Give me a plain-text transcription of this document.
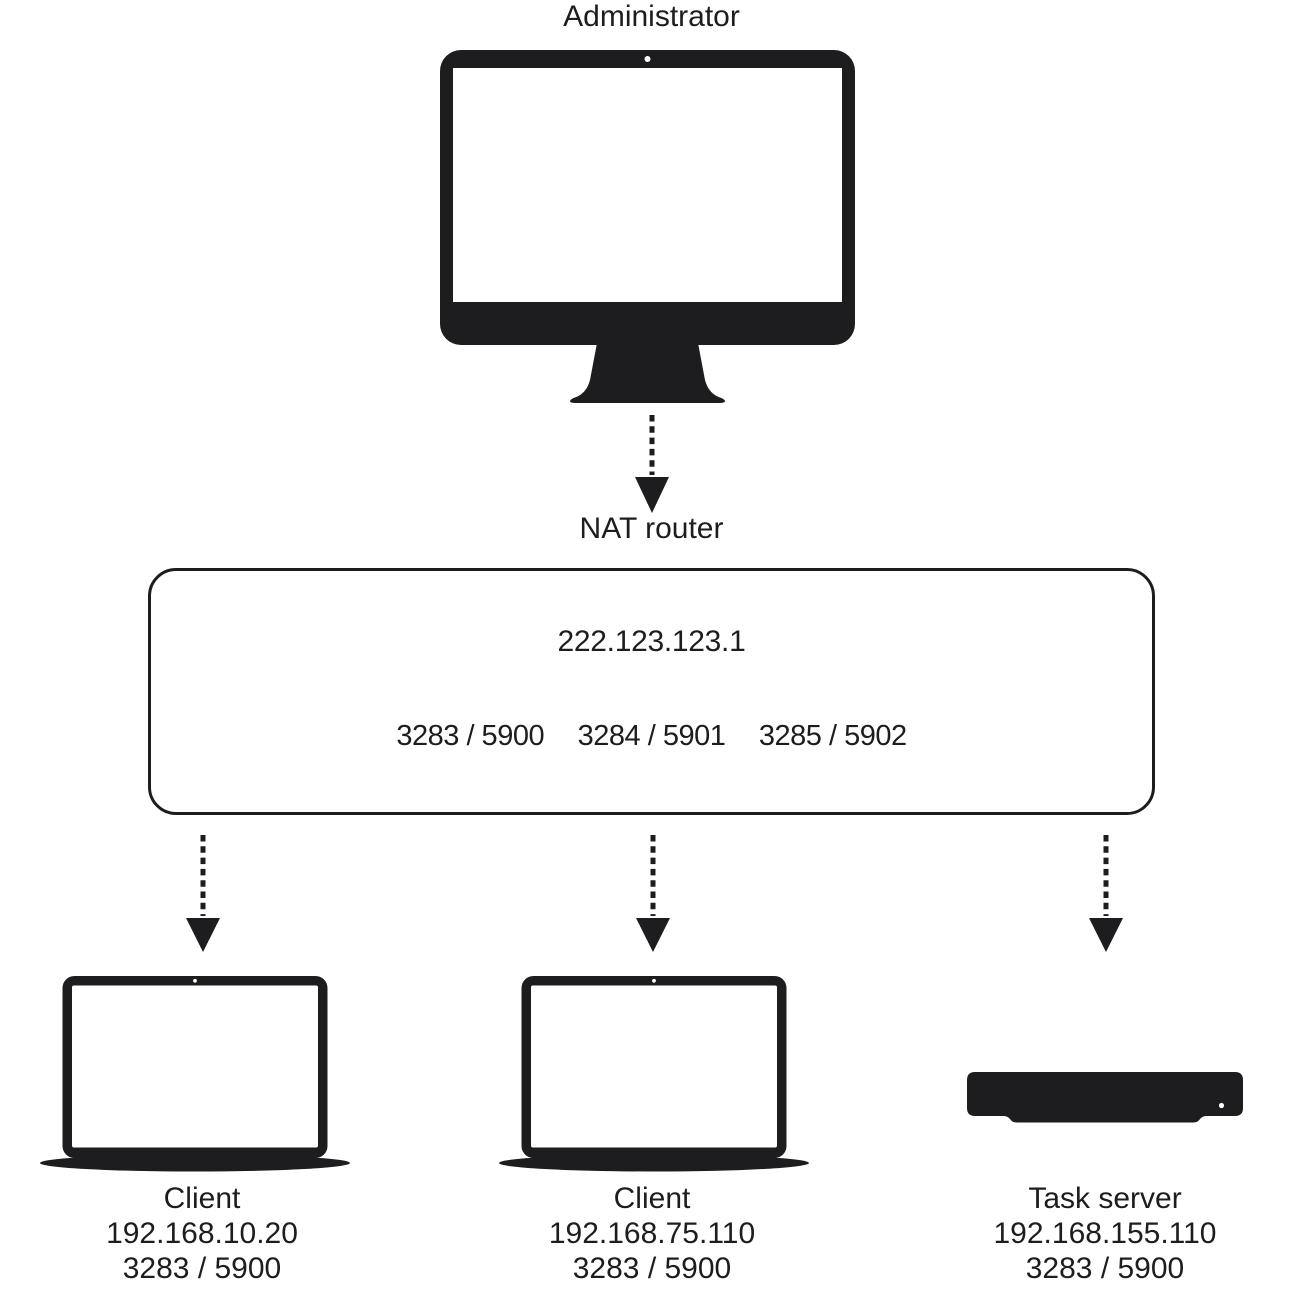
Administrator
NAT router
222.123.123.1
3283 / 5900 3284 / 5901 3285 / 5902
Client
192.168.10.20
3283 / 5900
Client
192.168.75.110
3283 / 5900
Task server
192.168.155.110
3283 / 5900
